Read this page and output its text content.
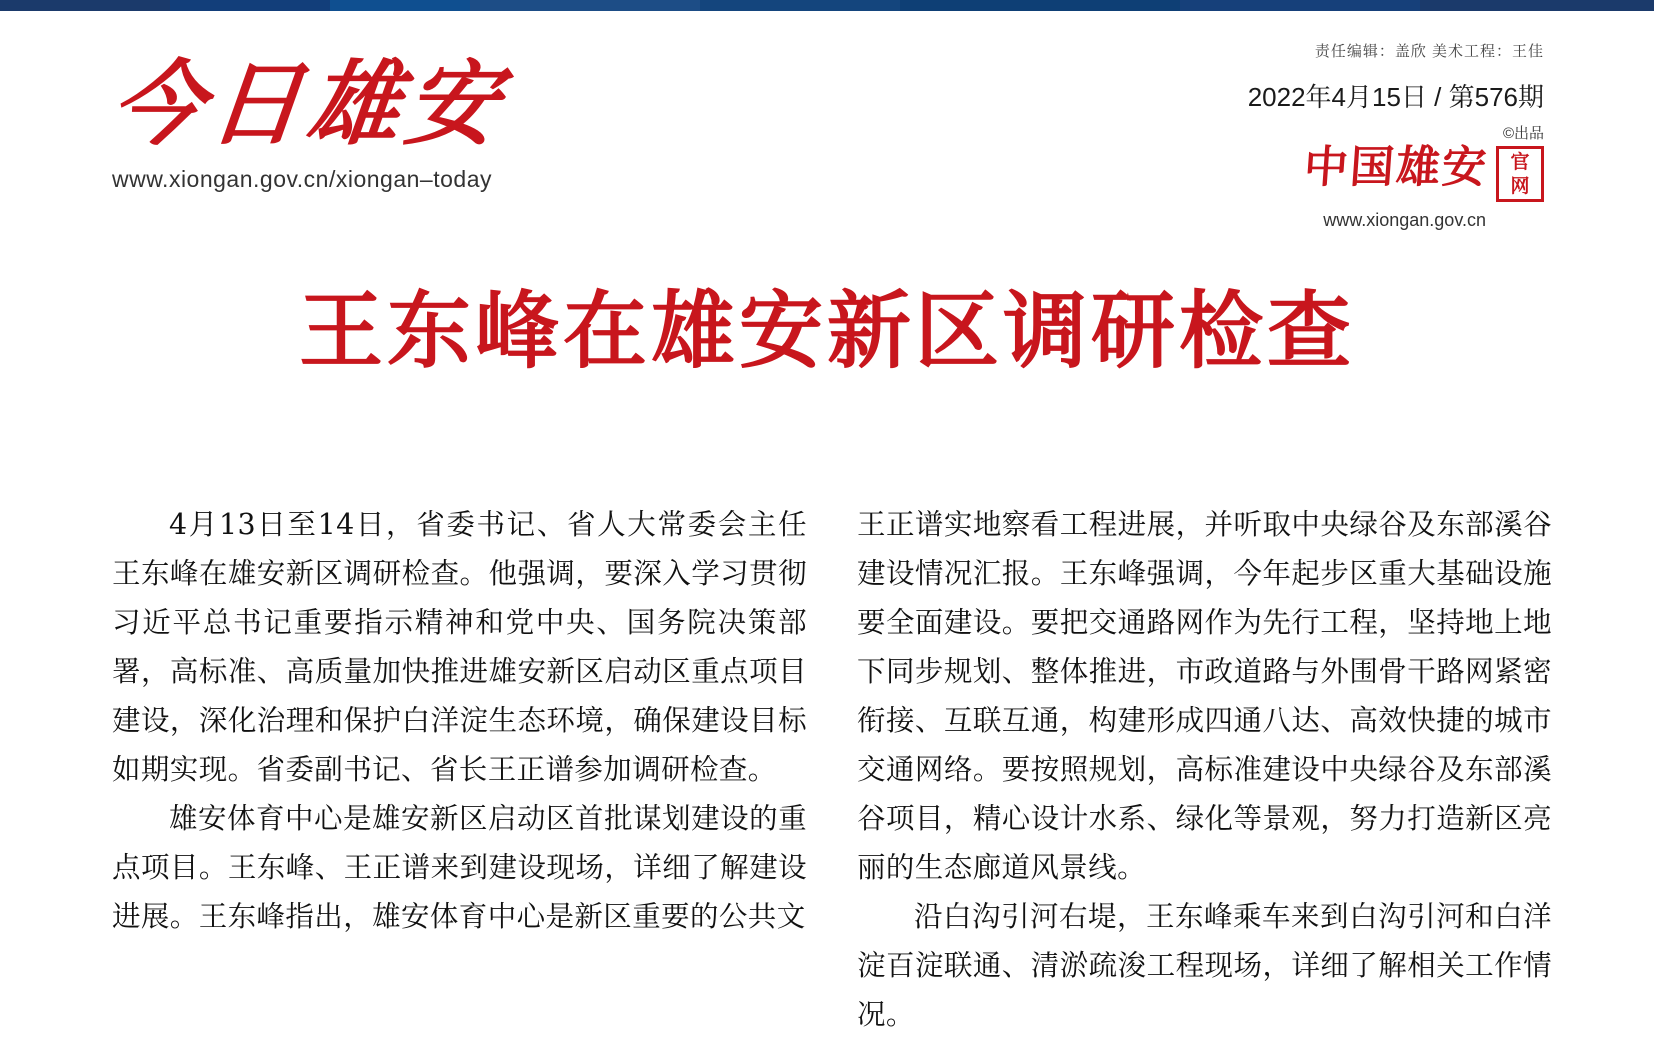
今日雄安
www.xiongan.gov.cn/xiongan–today
责任编辑：盖欣 美术工程：王佳
2022年4月15日 / 第576期
©出品
中国雄安 官
网
www.xiongan.gov.cn
王东峰在雄安新区调研检查

4月13日至14日，省委书记、省人大常委会主任王东峰在雄安新区调研检查。他强调，要深入学习贯彻习近平总书记重要指示精神和党中央、国务院决策部署，高标准、高质量加快推进雄安新区启动区重点项目建设，深化治理和保护白洋淀生态环境，确保建设目标如期实现。省委副书记、省长王正谱参加调研检查。

雄安体育中心是雄安新区启动区首批谋划建设的重点项目。王东峰、王正谱来到建设现场，详细了解建设进展。王东峰指出，雄安体育中心是新区重要的公共文

王正谱实地察看工程进展，并听取中央绿谷及东部溪谷建设情况汇报。王东峰强调，今年起步区重大基础设施要全面建设。要把交通路网作为先行工程，坚持地上地下同步规划、整体推进，市政道路与外围骨干路网紧密衔接、互联互通，构建形成四通八达、高效快捷的城市交通网络。要按照规划，高标准建设中央绿谷及东部溪谷项目，精心设计水系、绿化等景观，努力打造新区亮丽的生态廊道风景线。

沿白沟引河右堤，王东峰乘车来到白沟引河和白洋淀百淀联通、清淤疏浚工程现场，详细了解相关工作情况。
